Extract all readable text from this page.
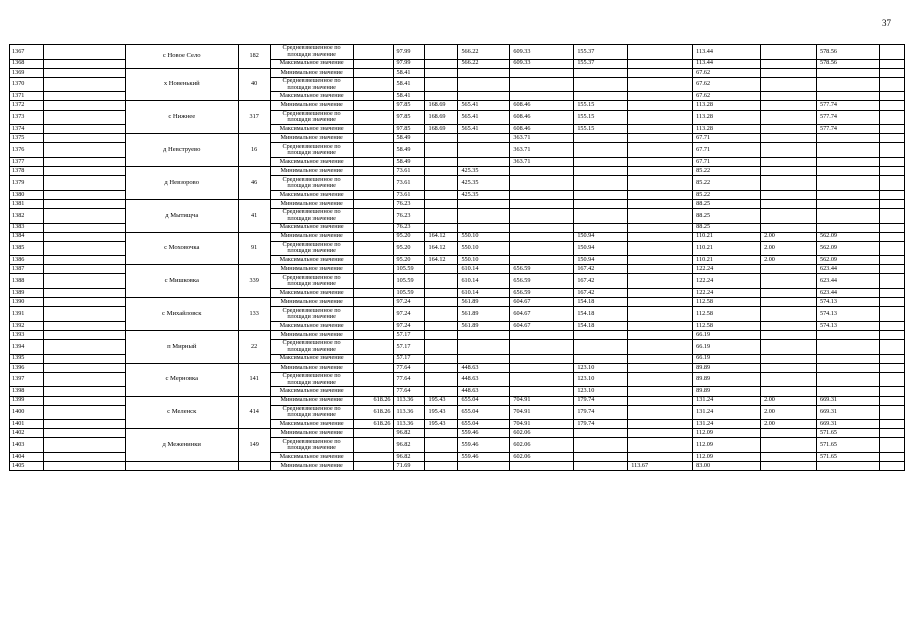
37
1367		с Новое Село	182	Средневзвешенное по площади значение		97.99		566.22	609.33	155.37		113.44		578.56	
1368				Максимальное значение		97.99		566.22	609.33	155.37		113.44		578.56	
1369		х Новенький	40	Минимальное значение		58.41						67.62			
1370				Средневзвешенное по площади значение		58.41						67.62			
1371				Максимальное значение		58.41						67.62			
1372		с Нижнее	317	Минимальное значение		97.85	168.69	565.41	608.46	155.15		113.28		577.74	
1373				Средневзвешенное по площади значение		97.85	168.69	565.41	608.46	155.15		113.28		577.74	
1374				Максимальное значение		97.85	168.69	565.41	608.46	155.15		113.28		577.74	
1375		д Невструево	16	Минимальное значение		58.49			363.71			67.71			
1376				Средневзвешенное по площади значение		58.49			363.71			67.71			
1377				Максимальное значение		58.49			363.71			67.71			
1378		д Невзорово	46	Минимальное значение		73.61		425.35				85.22			
1379				Средневзвешенное по площади значение		73.61		425.35				85.22			
1380				Максимальное значение		73.61		425.35				85.22			
1381		д Мытищча	41	Минимальное значение		76.23						88.25			
1382				Средневзвешенное по площади значение		76.23						88.25			
1383				Максимальное значение		76.23						88.25			
1384		с Моховочка	91	Минимальное значение		95.20	164.12	550.10		150.94		110.21	2.00	562.09	
1385				Средневзвешенное по площади значение		95.20	164.12	550.10		150.94		110.21	2.00	562.09	
1386				Максимальное значение		95.20	164.12	550.10		150.94		110.21	2.00	562.09	
1387		с Мишковка	339	Минимальное значение		105.59		610.14	656.59	167.42		122.24		623.44	
1388				Средневзвешенное по площади значение		105.59		610.14	656.59	167.42		122.24		623.44	
1389				Максимальное значение		105.59		610.14	656.59	167.42		122.24		623.44	
1390		с Михайловск	133	Минимальное значение		97.24		561.89	604.67	154.18		112.58		574.13	
1391				Средневзвешенное по площади значение		97.24		561.89	604.67	154.18		112.58		574.13	
1392				Максимальное значение		97.24		561.89	604.67	154.18		112.58		574.13	
1393		п Мирный	22	Минимальное значение		57.17						66.19			
1394				Средневзвешенное по площади значение		57.17						66.19			
1395				Максимальное значение		57.17						66.19			
1396		с Мерновка	141	Минимальное значение		77.64		448.63		123.10		89.89			
1397				Средневзвешенное по площади значение		77.64		448.63		123.10		89.89			
1398				Максимальное значение		77.64		448.63		123.10		89.89			
1399		с Меленск	414	Минимальное значение	618.26	113.36	195.43	655.04	704.91	179.74		131.24	2.00	669.31	
1400				Средневзвешенное по площади значение	618.26	113.36	195.43	655.04	704.91	179.74		131.24	2.00	669.31	
1401				Максимальное значение	618.26	113.36	195.43	655.04	704.91	179.74		131.24	2.00	669.31	
1402		д Меженинки	149	Минимальное значение		96.82		559.46	602.06			112.09		571.65	
1403				Средневзвешенное по площади значение		96.82		559.46	602.06			112.09		571.65	
1404				Максимальное значение		96.82		559.46	602.06			112.09		571.65	
1405				Минимальное значение		71.69					113.67	83.00			
